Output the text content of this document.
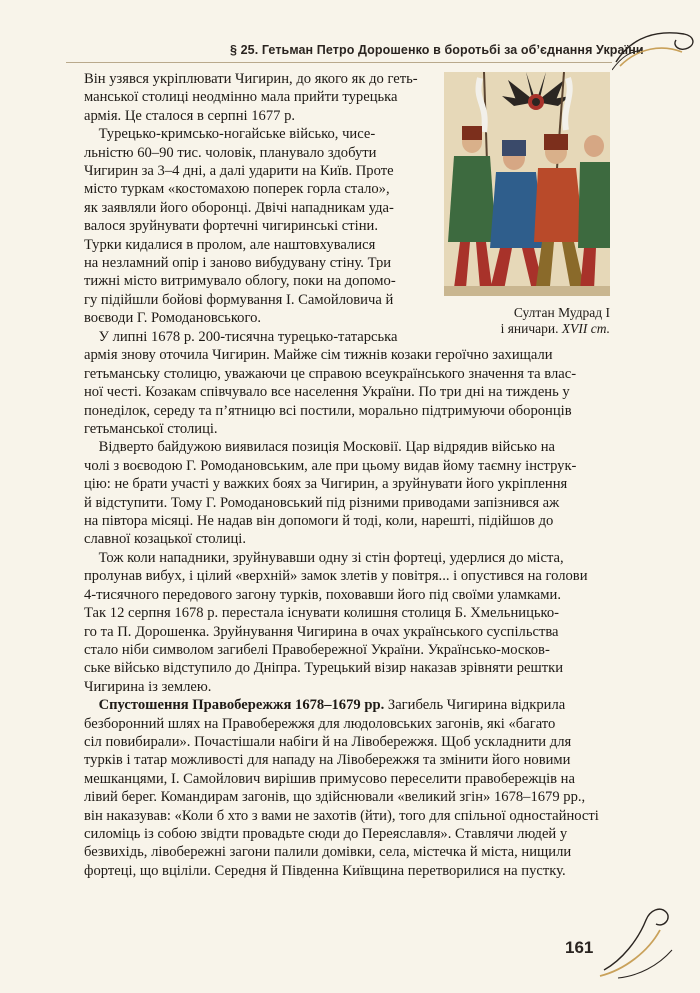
§ 25. Гетьман Петро Дорошенко в боротьбі за об’єднання України
Султан Мудрад І
і яничари. XVII ст.
Він узявся укріплювати Чигирин, до якого як до геть-
манської столиці неодмінно мала прийти турецька
армія. Це сталося в серпні 1677 р.
Турецько-кримсько-ногайське військо, чисе-
льністю 60–90 тис. чоловік, планувало здобути
Чигирин за 3–4 дні, а далі ударити на Київ. Проте
місто туркам «костомахою поперек горла стало»,
як заявляли його оборонці. Двічі нападникам уда-
валося зруйнувати фортечні чигиринські стіни.
Турки кидалися в пролом, але наштовхувалися
на незламний опір і заново вибудувану стіну. Три
тижні місто витримувало облогу, поки на допомо-
гу підійшли бойові формування І. Самойловича й
воєводи Г. Ромодановського.
У липні 1678 р. 200-тисячна турецько-татарська
армія знову оточила Чигирин. Майже сім тижнів козаки героїчно захищали
гетьманську столицю, уважаючи це справою всеукраїнського значення та влас-
ної честі. Козакам співчувало все населення України. По три дні на тиждень у
понеділок, середу та п’ятницю всі постили, морально підтримуючи оборонців
гетьманської столиці.
Відверто байдужою виявилася позиція Московії. Цар відрядив військо на
чолі з воєводою Г. Ромодановським, але при цьому видав йому таємну інструк-
цію: не брати участі у важких боях за Чигирин, а зруйнувати його укріплення
й відступити. Тому Г. Ромодановський під різними приводами запізнився аж
на півтора місяці. Не надав він допомоги й тоді, коли, нарешті, підійшов до
славної козацької столиці.
Тож коли нападники, зруйнувавши одну зі стін фортеці, удерлися до міста,
пролунав вибух, і цілий «верхній» замок злетів у повітря... і опустився на голови
4-тисячного передового загону турків, поховавши його під своїми уламками.
Так 12 серпня 1678 р. перестала існувати колишня столиця Б. Хмельницько-
го та П. Дорошенка. Зруйнування Чигирина в очах українського суспільства
стало ніби символом загибелі Правобережної України. Українсько-москов-
ське військо відступило до Дніпра. Турецький візир наказав зрівняти рештки
Чигирина із землею.
 Спустошення Правобережжя 1678–1679 рр. Загибель Чигирина відкрила
безборонний шлях на Правобережжя для людоловських загонів, які «багато
сіл повибирали». Почастішали набіги й на Лівобережжя. Щоб ускладнити для
турків і татар можливості для нападу на Лівобережжя та змінити його новими
мешканцями, І. Самойлович вирішив примусово переселити правобережців на
лівий берег. Командирам загонів, що здійснювали «великий згін» 1678–1679 рр.,
він наказував: «Коли б хто з вами не захотів (йти), того для спільної одностайності
силоміць із собою звідти провадьте сюди до Переяславля». Ставлячи людей у
безвихідь, лівобережні загони палили домівки, села, містечка й міста, нищили
фортеці, що вціліли. Середня й Південна Київщина перетворилися на пустку.
161
